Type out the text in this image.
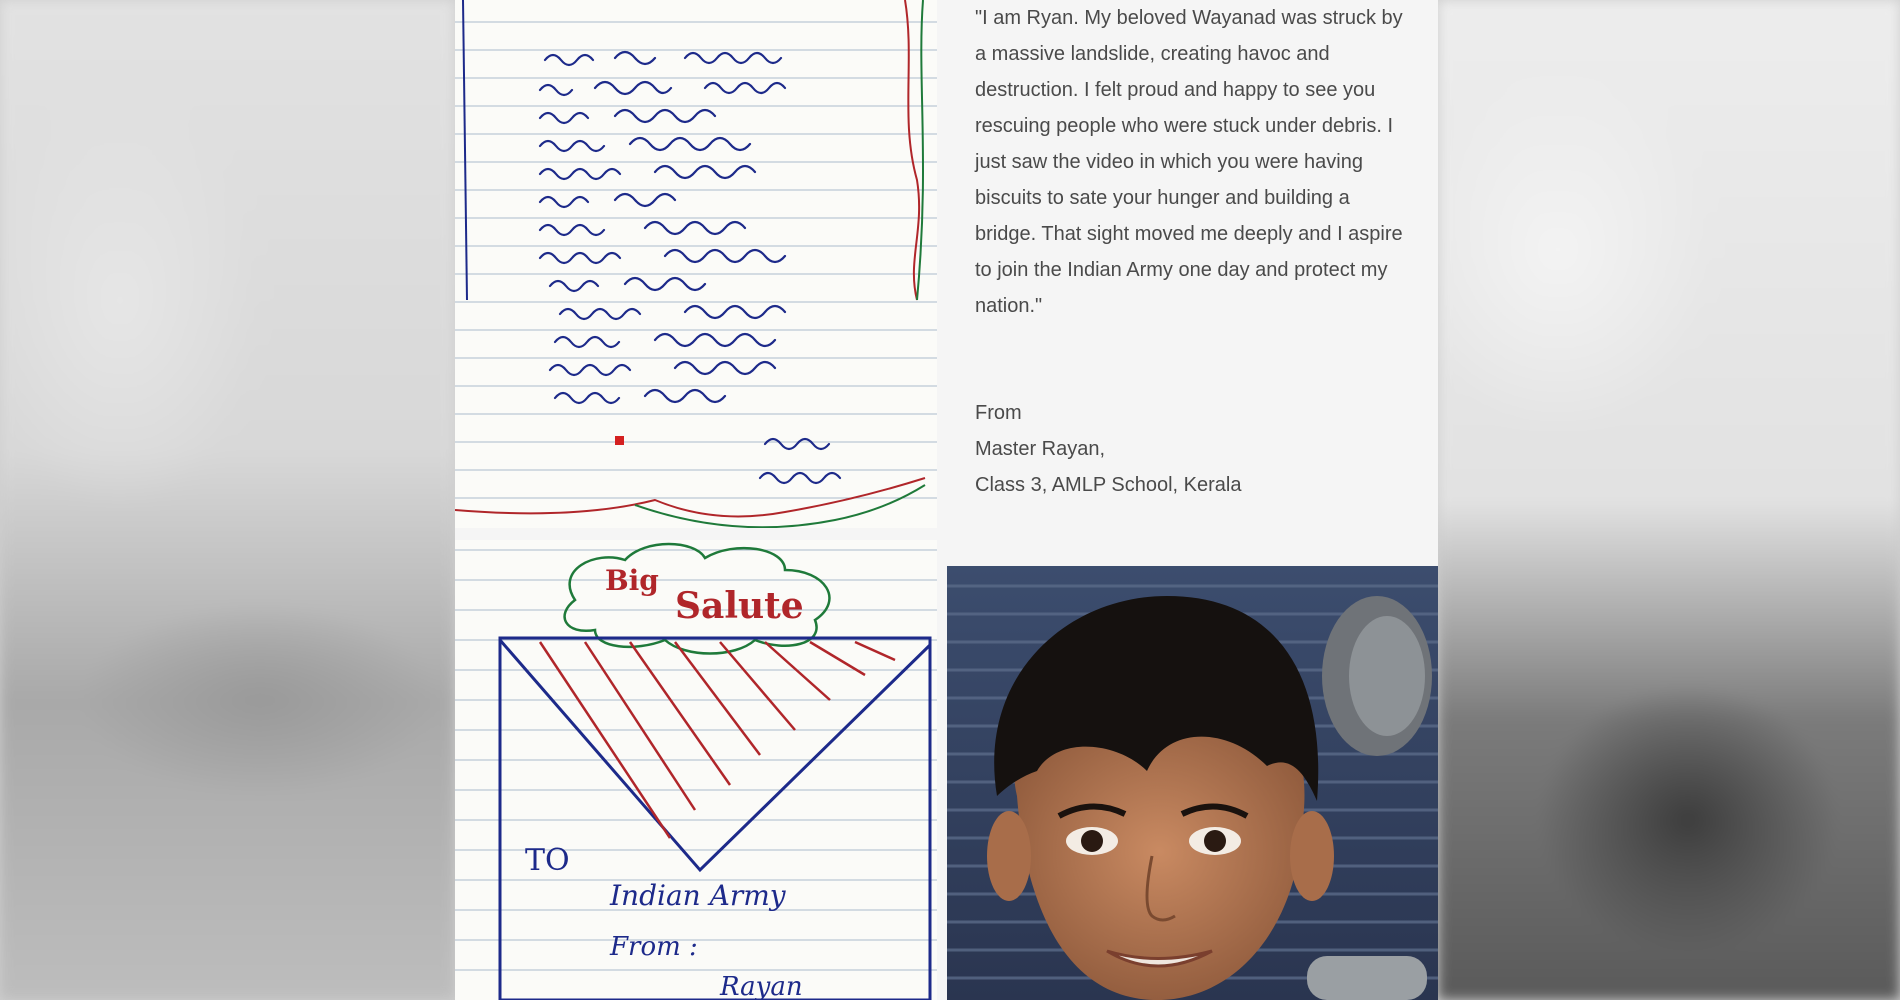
"I am Ryan. My beloved Wayanad was struck by a massive landslide, creating havoc and destruction. I felt proud and happy to see you rescuing people who were stuck under debris. I just saw the video in which you were having biscuits to sate your hunger and building a bridge. That sight moved me deeply and I aspire to join the Indian Army one day and protect my nation."

From

Master Rayan,

Class 3, AMLP School, Kerala

Big
Salute
TO
Indian Army
From :
Rayan
